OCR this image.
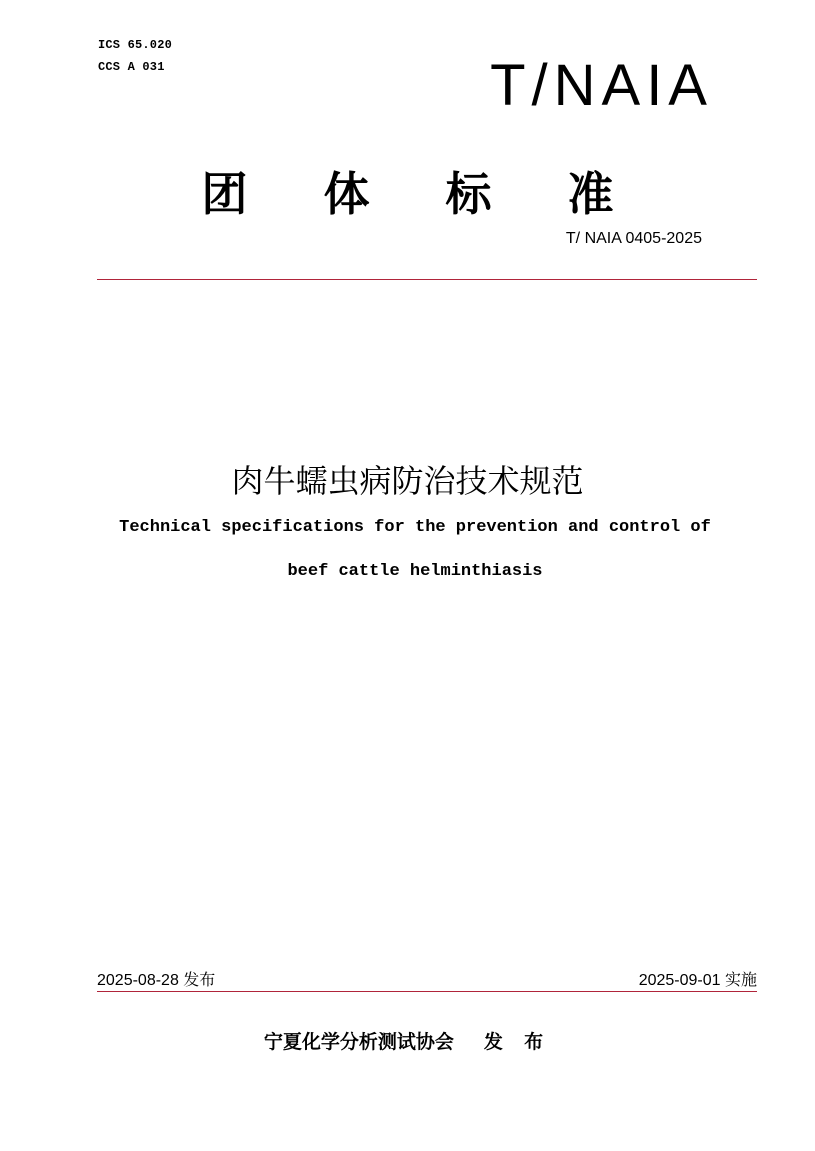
ICS 65.020
CCS A 031	T/NAIA
团 体 标 准
T/ NAIA 0405-2025
肉牛蠕虫病防治技术规范
Technical specifications for the prevention and control of
beef cattle helminthiasis
2025-08-28 发布	2025-09-01 实施
宁夏化学分析测试协会 发 布
